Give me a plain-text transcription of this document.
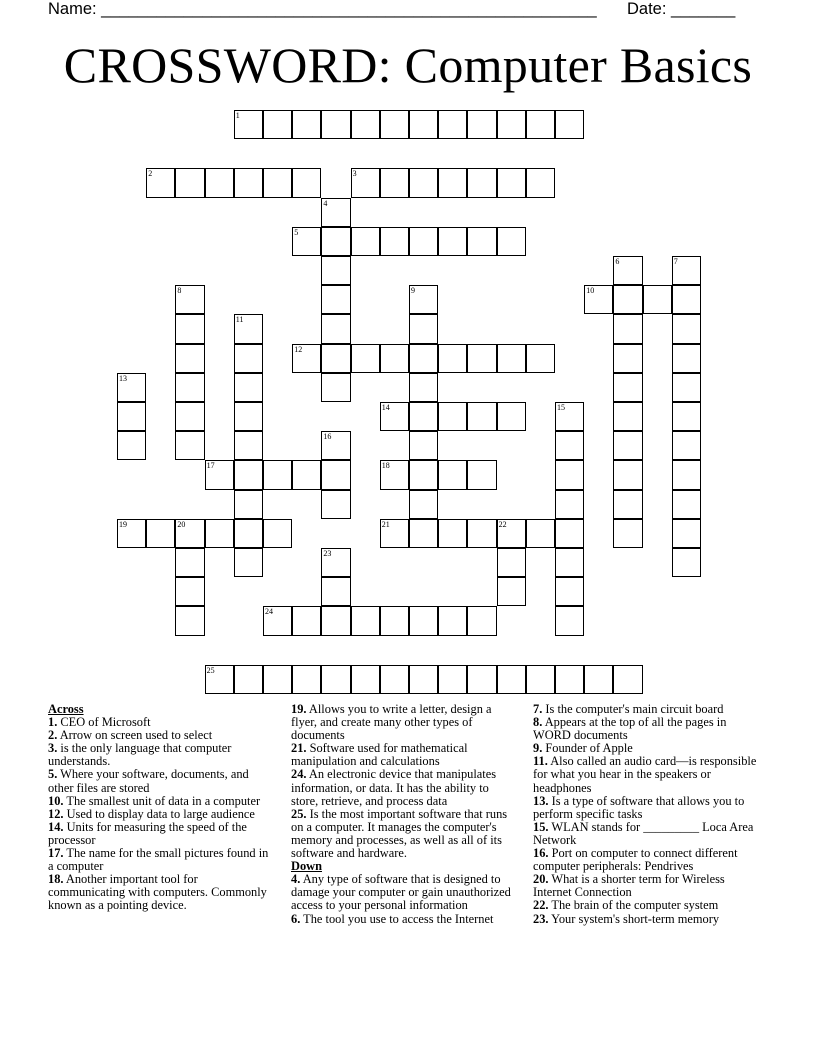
Name: ______________________________________________________ Date: _______
CROSSWORD: Computer Basics
1
2	3
5
10
12
14
17	18
19	20	21	22
24
25
4
6	7
8	9
11
13
15
16
23
Across
1. CEO of Microsoft
2. Arrow on screen used to select
3. is the only language that computer understands.
5. Where your software, documents, and other files are stored
10. The smallest unit of data in a computer
12. Used to display data to large audience
14. Units for measuring the speed of the processor
17. The name for the small pictures found in a computer
18. Another important tool for communicating with computers. Commonly known as a pointing device.
19. Allows you to write a letter, design a flyer, and create many other types of documents
21. Software used for mathematical manipulation and calculations
24. An electronic device that manipulates information, or data. It has the ability to store, retrieve, and process data
25. Is the most important software that runs on a computer. It manages the computer's memory and processes, as well as all of its software and hardware.
Down
4. Any type of software that is designed to damage your computer or gain unauthorized access to your personal information
6. The tool you use to access the Internet
7. Is the computer's main circuit board
8. Appears at the top of all the pages in WORD documents
9. Founder of Apple
11. Also called an audio card—is responsible for what you hear in the speakers or headphones
13. Is a type of software that allows you to perform specific tasks
15. WLAN stands for _________ Loca Area Network
16. Port on computer to connect different computer peripherals: Pendrives
20. What is a shorter term for Wireless Internet Connection
22. The brain of the computer system
23. Your system's short-term memory
